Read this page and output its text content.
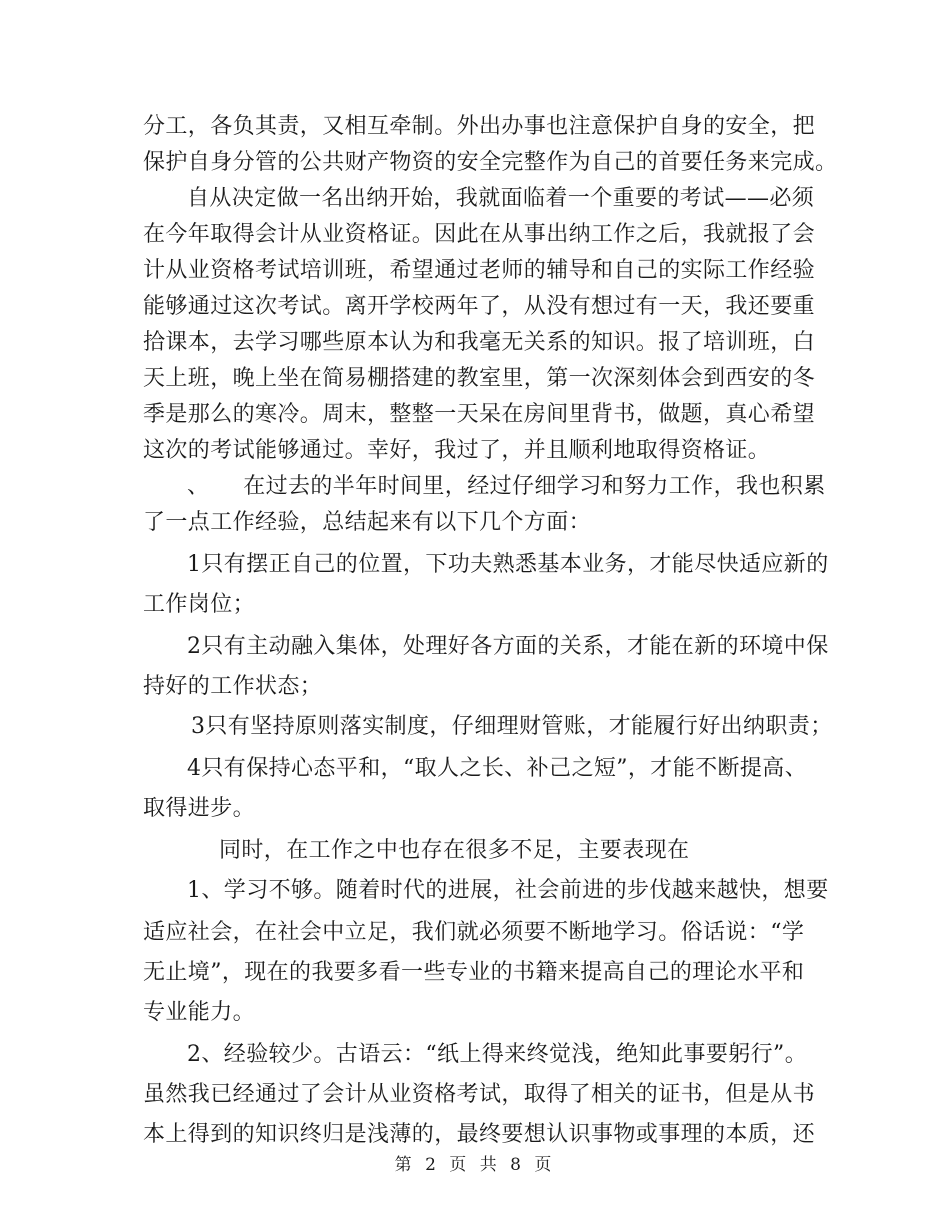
分工，各负其责，又相互牵制。外出办事也注意保护自身的安全，把
保护自身分管的公共财产物资的安全完整作为自己的首要任务来完成。
自从决定做一名出纳开始，我就面临着一个重要的考试——必须
在今年取得会计从业资格证。因此在从事出纳工作之后，我就报了会
计从业资格考试培训班，希望通过老师的辅导和自己的实际工作经验
能够通过这次考试。离开学校两年了，从没有想过有一天，我还要重
拾课本，去学习哪些原本认为和我毫无关系的知识。报了培训班，白
天上班，晚上坐在简易棚搭建的教室里，第一次深刻体会到西安的冬
季是那么的寒冷。周末，整整一天呆在房间里背书，做题，真心希望
这次的考试能够通过。幸好，我过了，并且顺利地取得资格证。
、　　在过去的半年时间里，经过仔细学习和努力工作，我也积累
了一点工作经验，总结起来有以下几个方面：
1只有摆正自己的位置，下功夫熟悉基本业务，才能尽快适应新的
工作岗位；
2只有主动融入集体，处理好各方面的关系，才能在新的环境中保
持好的工作状态；
3只有坚持原则落实制度，仔细理财管账，才能履行好出纳职责；
4只有保持心态平和，“取人之长、补己之短”，才能不断提高、
取得进步。
同时，在工作之中也存在很多不足，主要表现在
1、学习不够。随着时代的进展，社会前进的步伐越来越快，想要
适应社会，在社会中立足，我们就必须要不断地学习。俗话说：“学
无止境”，现在的我要多看一些专业的书籍来提高自己的理论水平和
专业能力。
2、经验较少。古语云：“纸上得来终觉浅，绝知此事要躬行”。
虽然我已经通过了会计从业资格考试，取得了相关的证书，但是从书
本上得到的知识终归是浅薄的，最终要想认识事物或事理的本质，还
第 2 页 共 8 页
